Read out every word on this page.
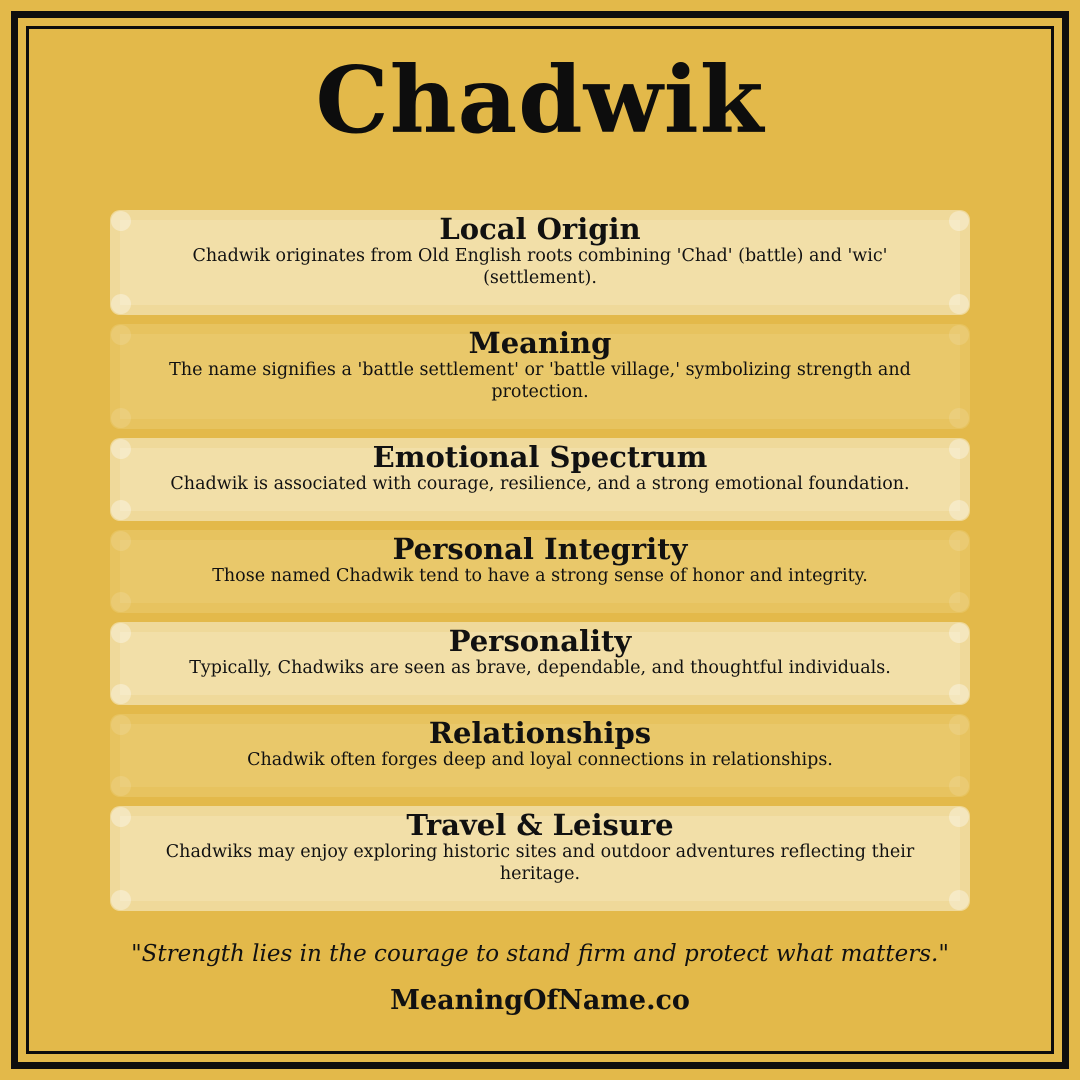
Chadwik
Local Origin
Chadwik originates from Old English roots combining 'Chad' (battle) and 'wic' (settlement).
Meaning
The name signifies a 'battle settlement' or 'battle village,' symbolizing strength and protection.
Emotional Spectrum
Chadwik is associated with courage, resilience, and a strong emotional foundation.
Personal Integrity
Those named Chadwik tend to have a strong sense of honor and integrity.
Personality
Typically, Chadwiks are seen as brave, dependable, and thoughtful individuals.
Relationships
Chadwik often forges deep and loyal connections in relationships.
Travel & Leisure
Chadwiks may enjoy exploring historic sites and outdoor adventures reflecting their heritage.
"Strength lies in the courage to stand firm and protect what matters."
MeaningOfName.co
